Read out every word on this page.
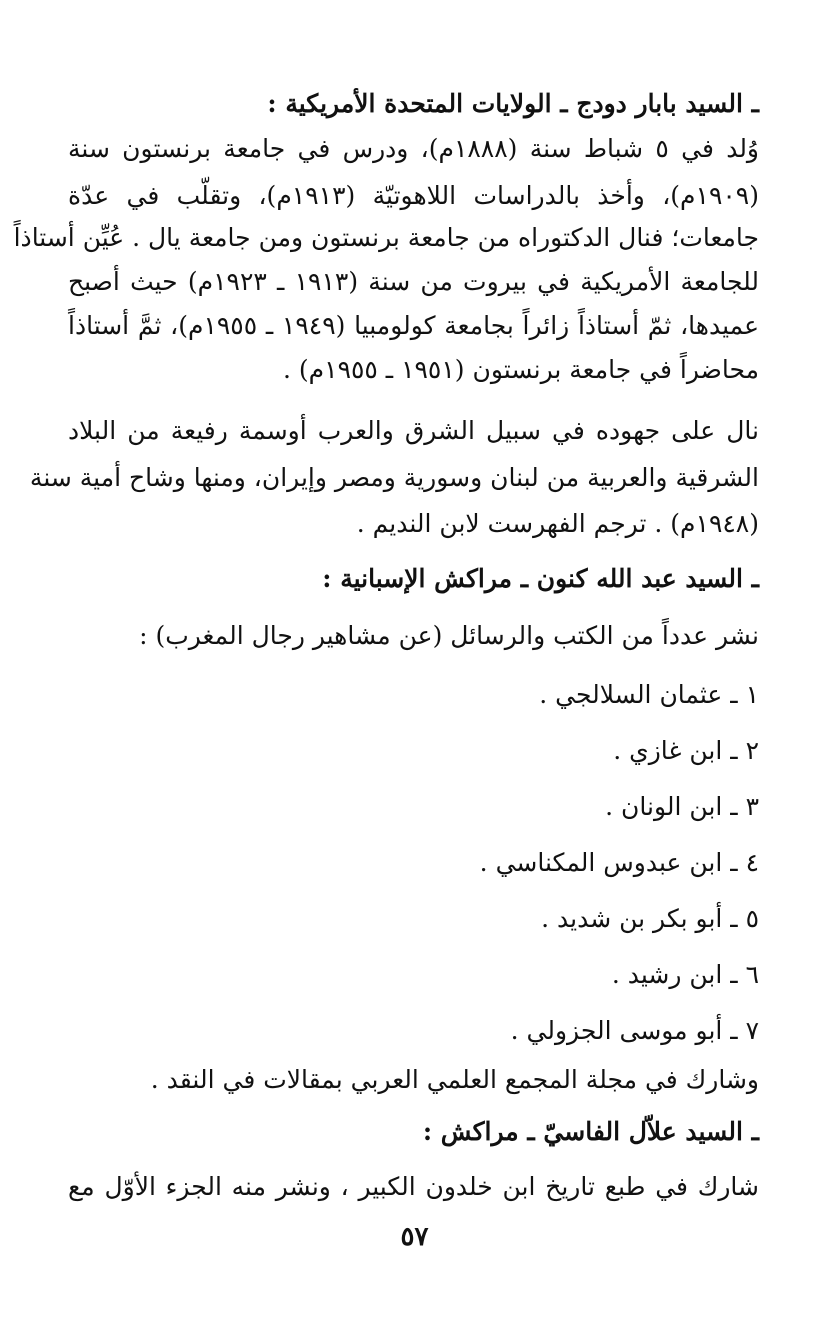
ـ السيد بابار دودج ـ الولايات المتحدة الأمريكية :
وُلد في ٥ شباط سنة (١٨٨٨م)، ودرس في جامعة برنستون سنة
(١٩٠٩م)، وأخذ بالدراسات اللاهوتيّة (١٩١٣م)، وتقلّب في عدّة
جامعات؛ فنال الدكتوراه من جامعة برنستون ومن جامعة يال . عُيِّن أستاذاً
للجامعة الأمريكية في بيروت من سنة (١٩١٣ ـ ١٩٢٣م) حيث أصبح
عميدها، ثمّ أستاذاً زائراً بجامعة كولومبيا (١٩٤٩ ـ ١٩٥٥م)، ثمَّ أستاذاً
محاضراً في جامعة برنستون (١٩٥١ ـ ١٩٥٥م) .
نال على جهوده في سبيل الشرق والعرب أوسمة رفيعة من البلاد
الشرقية والعربية من لبنان وسورية ومصر وإيران، ومنها وشاح أمية سنة
(١٩٤٨م) . ترجم الفهرست لابن النديم .
ـ السيد عبد الله كنون ـ مراكش الإسبانية :
نشر عدداً من الكتب والرسائل (عن مشاهير رجال المغرب) :
١ ـ عثمان السلالجي .
٢ ـ ابن غازي .
٣ ـ ابن الونان .
٤ ـ ابن عبدوس المكناسي .
٥ ـ أبو بكر بن شديد .
٦ ـ ابن رشيد .
٧ ـ أبو موسى الجزولي .
وشارك في مجلة المجمع العلمي العربي بمقالات في النقد .
ـ السيد علاّل الفاسيّ ـ مراكش :
شارك في طبع تاريخ ابن خلدون الكبير ، ونشر منه الجزء الأوّل مع
٥٧
